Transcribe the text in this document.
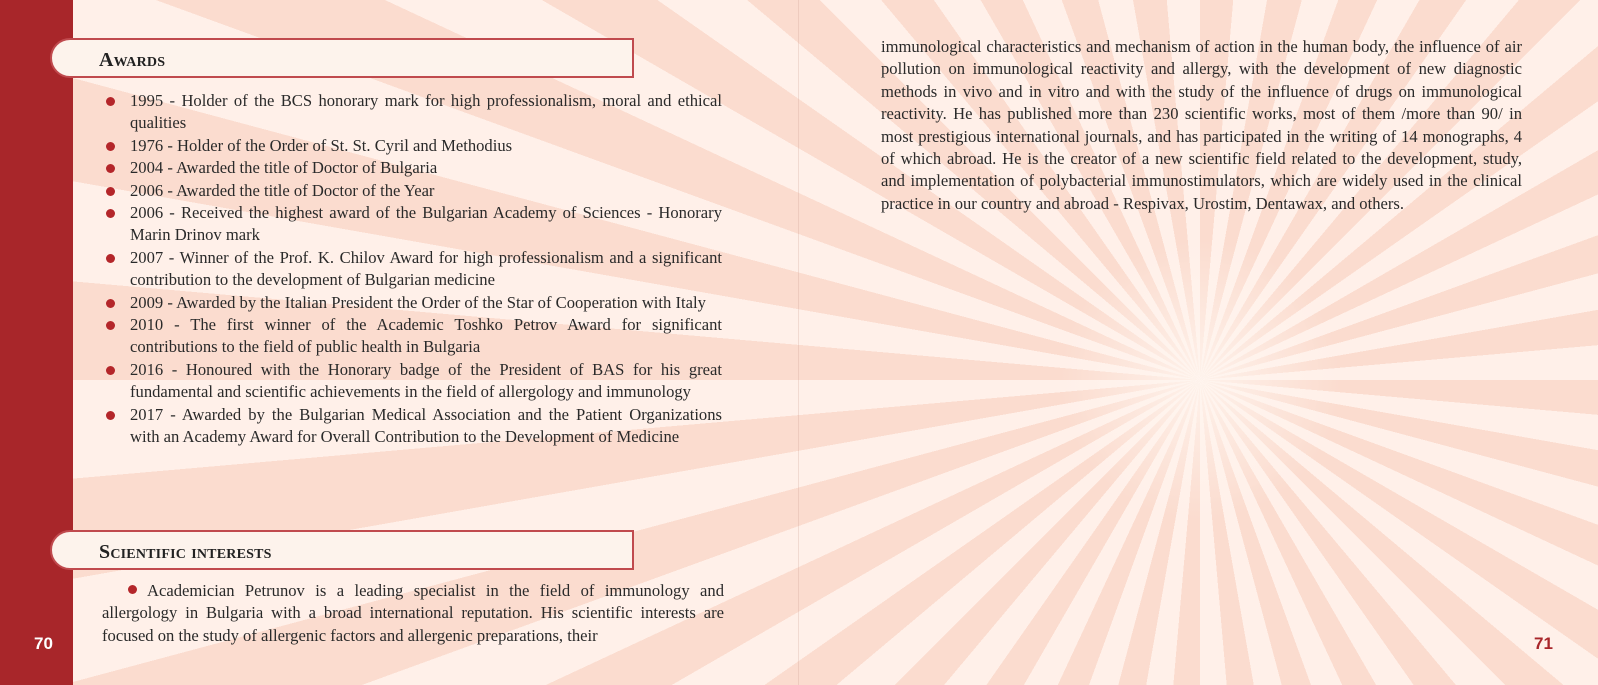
70	71
Awards
1995 - Holder of the BCS honorary mark for high professionalism, moral and ethical qualities
1976 - Holder of the Order of St. St. Cyril and Methodius
2004 - Awarded the title of Doctor of Bulgaria
2006 - Awarded the title of Doctor of the Year
2006 - Received the highest award of the Bulgarian Academy of Sciences - Honorary Marin Drinov mark
2007 - Winner of the Prof. K. Chilov Award for high professionalism and a significant contribution to the development of Bulgarian medicine
2009 - Awarded by the Italian President the Order of the Star of Cooperation with Italy
2010 - The first winner of the Academic Toshko Petrov Award for significant contributions to the field of public health in Bulgaria
2016 - Honoured with the Honorary badge of the President of BAS for his great fundamental and scientific achievements in the field of allergology and immunology
2017 - Awarded by the Bulgarian Medical Association and the Patient Organizations with an Academy Award for Overall Contribution to the Development of Medicine
Scientific interests

Academician Petrunov is a leading specialist in the field of immunology and allergology in Bulgaria with a broad international reputation. His scientific interests are focused on the study of allergenic factors and allergenic preparations, their

immunological characteristics and mechanism of action in the human body, the influence of air pollution on immunological reactivity and allergy, with the development of new diagnostic methods in vivo and in vitro and with the study of the influence of drugs on immunological reactivity. He has published more than 230 scientific works, most of them /more than 90/ in most prestigious international journals, and has participated in the writing of 14 monographs, 4 of which abroad. He is the creator of a new scientific field related to the development, study, and implementation of polybacterial immunostimulators, which are widely used in the clinical practice in our country and abroad - Respivax, Urostim, Dentawax, and others.
